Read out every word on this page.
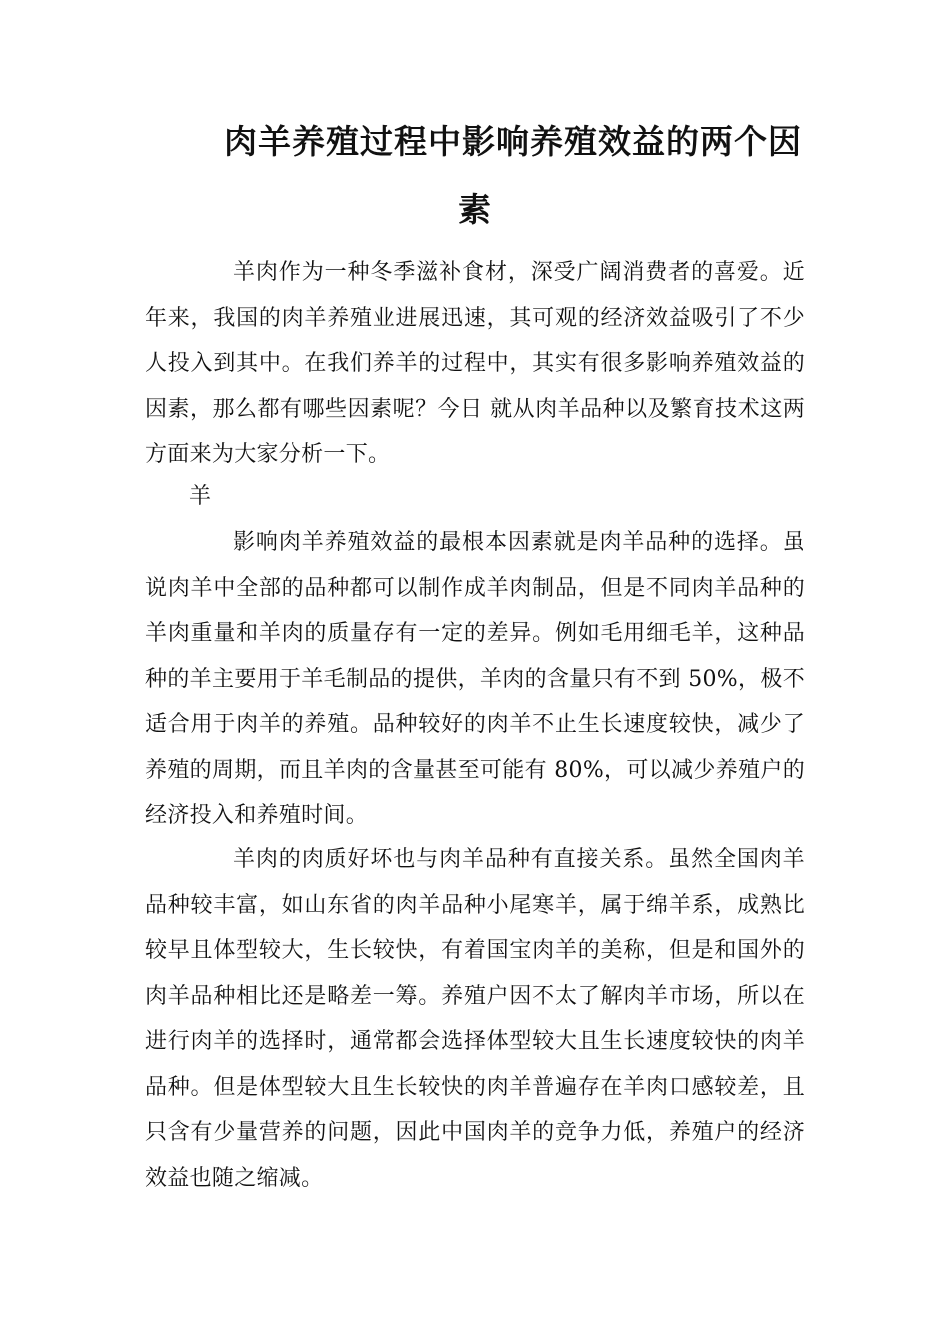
肉羊养殖过程中影响养殖效益的两个因
素

羊肉作为一种冬季滋补食材，深受广阔消费者的喜爱。近年来，我国的肉羊养殖业进展迅速，其可观的经济效益吸引了不少人投入到其中。在我们养羊的过程中，其实有很多影响养殖效益的因素，那么都有哪些因素呢？今日 就从肉羊品种以及繁育技术这两方面来为大家分析一下。

羊

影响肉羊养殖效益的最根本因素就是肉羊品种的选择。虽说肉羊中全部的品种都可以制作成羊肉制品，但是不同肉羊品种的羊肉重量和羊肉的质量存有一定的差异。例如毛用细毛羊，这种品种的羊主要用于羊毛制品的提供，羊肉的含量只有不到 50%，极不适合用于肉羊的养殖。品种较好的肉羊不止生长速度较快，减少了养殖的周期，而且羊肉的含量甚至可能有 80%，可以减少养殖户的经济投入和养殖时间。

羊肉的肉质好坏也与肉羊品种有直接关系。虽然全国肉羊品种较丰富，如山东省的肉羊品种小尾寒羊，属于绵羊系，成熟比较早且体型较大，生长较快，有着国宝肉羊的美称，但是和国外的肉羊品种相比还是略差一筹。养殖户因不太了解肉羊市场，所以在进行肉羊的选择时，通常都会选择体型较大且生长速度较快的肉羊品种。但是体型较大且生长较快的肉羊普遍存在羊肉口感较差，且只含有少量营养的问题，因此中国肉羊的竞争力低，养殖户的经济效益也随之缩减。
